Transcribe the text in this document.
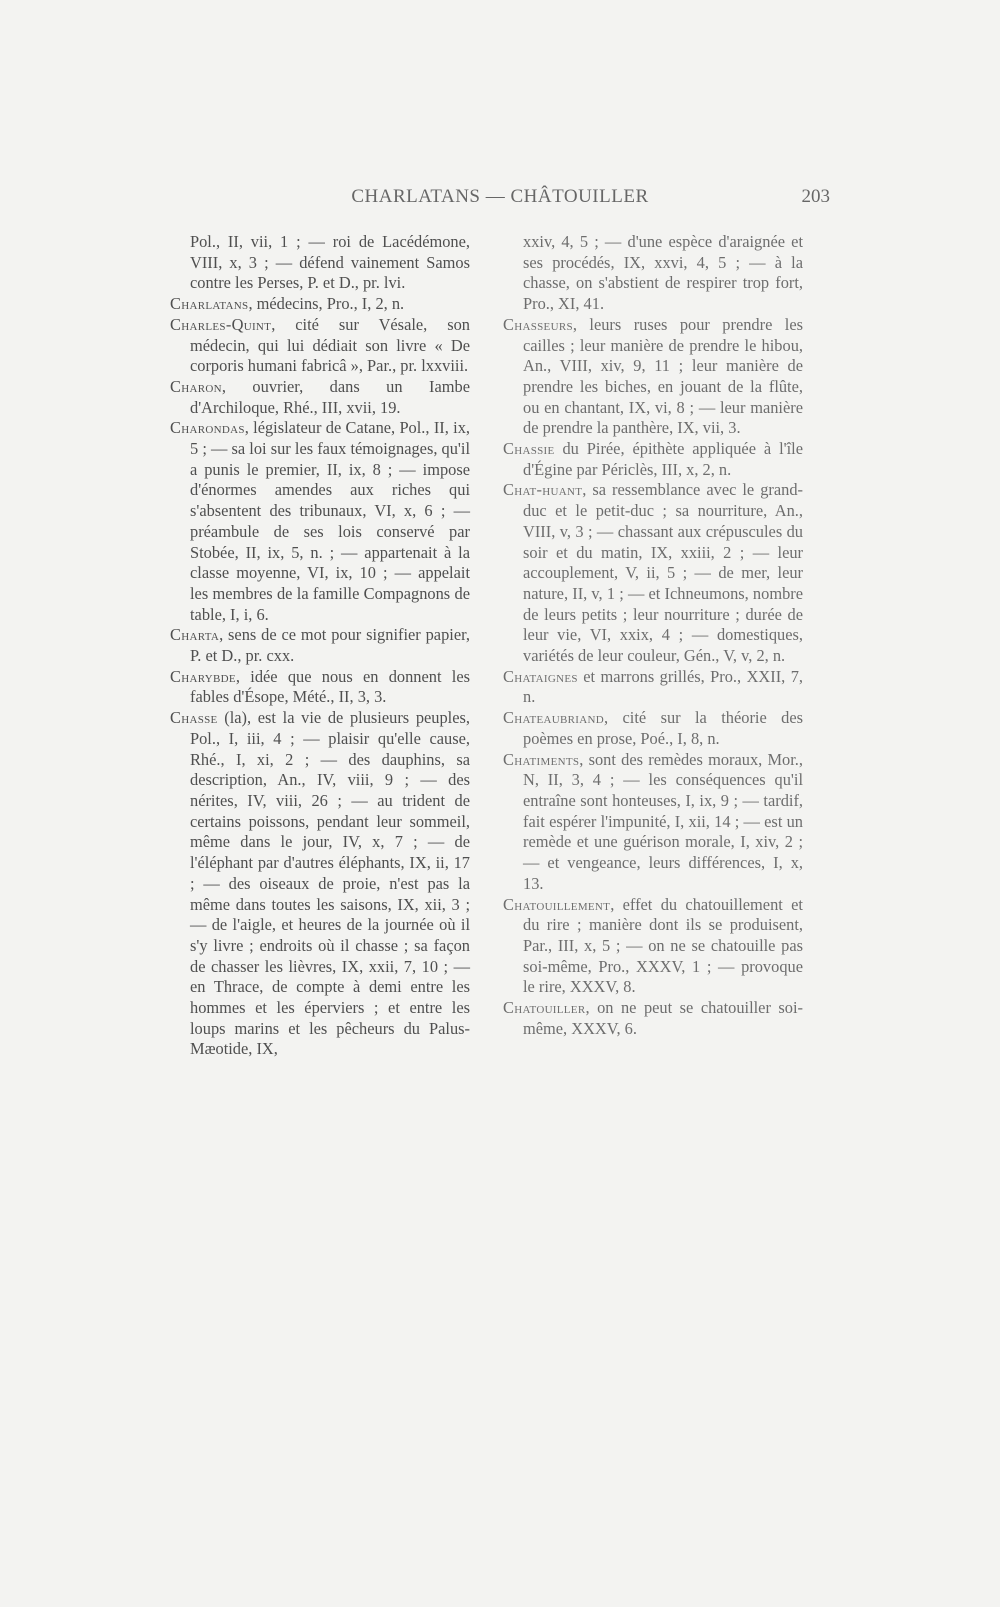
CHARLATANS — CHÂTOUILLER	203

Pol., II, vii, 1 ; — roi de Lacédémone, VIII, x, 3 ; — défend vainement Samos contre les Perses, P. et D., pr. lvi.

Charlatans, médecins, Pro., I, 2, n.

Charles-Quint, cité sur Vésale, son médecin, qui lui dédiait son livre « De corporis humani fabricâ », Par., pr. lxxviii.

Charon, ouvrier, dans un Iambe d'Archiloque, Rhé., III, xvii, 19.

Charondas, législateur de Catane, Pol., II, ix, 5 ; — sa loi sur les faux témoignages, qu'il a punis le premier, II, ix, 8 ; — impose d'énormes amendes aux riches qui s'absentent des tribunaux, VI, x, 6 ; — préambule de ses lois conservé par Stobée, II, ix, 5, n. ; — appartenait à la classe moyenne, VI, ix, 10 ; — appelait les membres de la famille Compagnons de table, I, i, 6.

Charta, sens de ce mot pour signifier papier, P. et D., pr. cxx.

Charybde, idée que nous en donnent les fables d'Ésope, Mété., II, 3, 3.

Chasse (la), est la vie de plusieurs peuples, Pol., I, iii, 4 ; — plaisir qu'elle cause, Rhé., I, xi, 2 ; — des dauphins, sa description, An., IV, viii, 9 ; — des nérites, IV, viii, 26 ; — au trident de certains poissons, pendant leur sommeil, même dans le jour, IV, x, 7 ; — de l'éléphant par d'autres éléphants, IX, ii, 17 ; — des oiseaux de proie, n'est pas la même dans toutes les saisons, IX, xii, 3 ; — de l'aigle, et heures de la journée où il s'y livre ; endroits où il chasse ; sa façon de chasser les lièvres, IX, xxii, 7, 10 ; — en Thrace, de compte à demi entre les hommes et les éperviers ; et entre les loups marins et les pêcheurs du Palus-Mæotide, IX,

xxiv, 4, 5 ; — d'une espèce d'araignée et ses procédés, IX, xxvi, 4, 5 ; — à la chasse, on s'abstient de respirer trop fort, Pro., XI, 41.

Chasseurs, leurs ruses pour prendre les cailles ; leur manière de prendre le hibou, An., VIII, xiv, 9, 11 ; leur manière de prendre les biches, en jouant de la flûte, ou en chantant, IX, vi, 8 ; — leur manière de prendre la panthère, IX, vii, 3.

Chassie du Pirée, épithète appliquée à l'île d'Égine par Périclès, III, x, 2, n.

Chat-huant, sa ressemblance avec le grand-duc et le petit-duc ; sa nourriture, An., VIII, v, 3 ; — chassant aux crépuscules du soir et du matin, IX, xxiii, 2 ; — leur accouplement, V, ii, 5 ; — de mer, leur nature, II, v, 1 ; — et Ichneumons, nombre de leurs petits ; leur nourriture ; durée de leur vie, VI, xxix, 4 ; — domestiques, variétés de leur couleur, Gén., V, v, 2, n.

Chataignes et marrons grillés, Pro., XXII, 7, n.

Chateaubriand, cité sur la théorie des poèmes en prose, Poé., I, 8, n.

Chatiments, sont des remèdes moraux, Mor., N, II, 3, 4 ; — les conséquences qu'il entraîne sont honteuses, I, ix, 9 ; — tardif, fait espérer l'impunité, I, xii, 14 ; — est un remède et une guérison morale, I, xiv, 2 ; — et vengeance, leurs différences, I, x, 13.

Chatouillement, effet du chatouillement et du rire ; manière dont ils se produisent, Par., III, x, 5 ; — on ne se chatouille pas soi-même, Pro., XXXV, 1 ; — provoque le rire, XXXV, 8.

Chatouiller, on ne peut se chatouiller soi-même, XXXV, 6.
